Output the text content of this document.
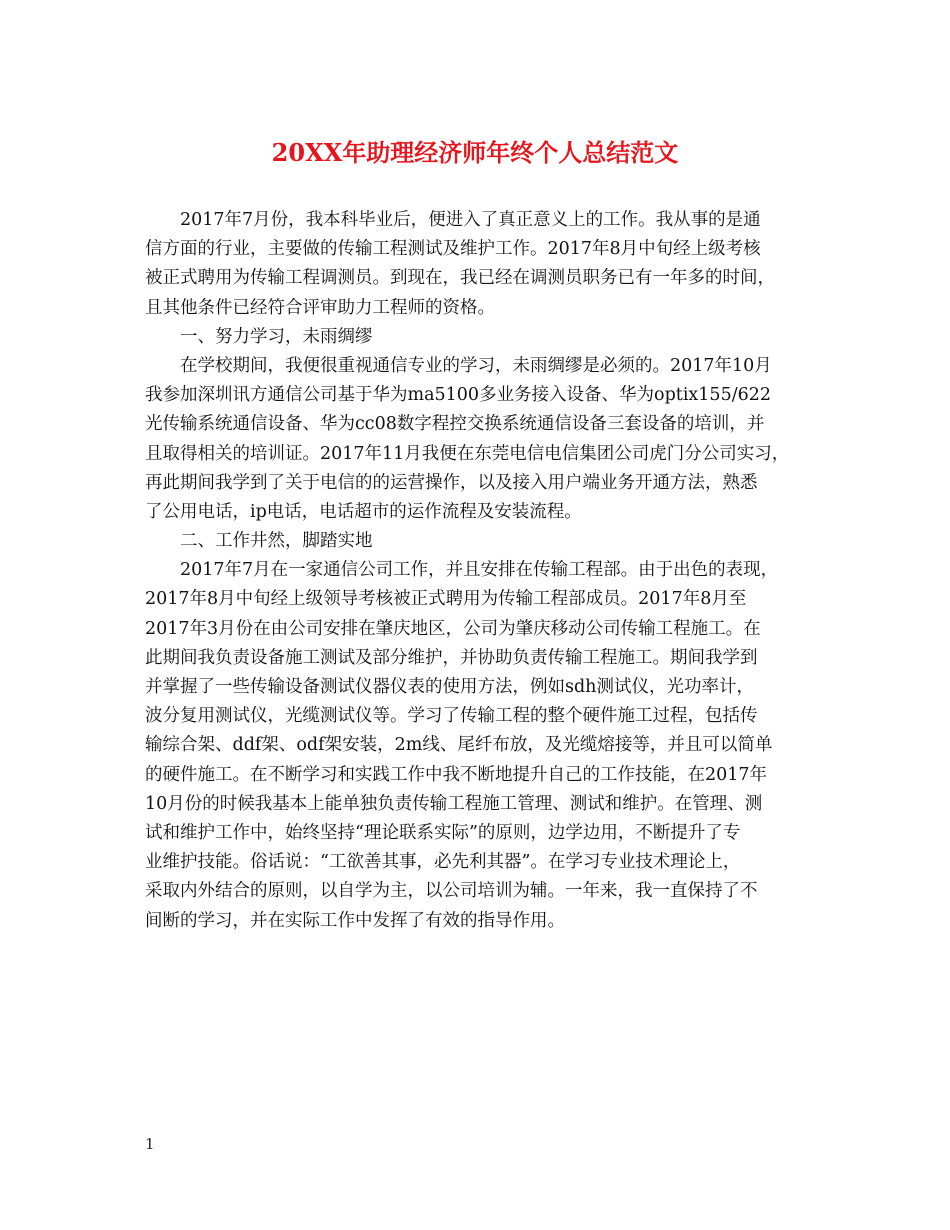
20XX年助理经济师年终个人总结范文
2017年7月份，我本科毕业后，便进入了真正意义上的工作。我从事的是通
信方面的行业，主要做的传输工程测试及维护工作。2017年8月中旬经上级考核
被正式聘用为传输工程调测员。到现在，我已经在调测员职务已有一年多的时间，
且其他条件已经符合评审助力工程师的资格。
一、努力学习，未雨绸缪
在学校期间，我便很重视通信专业的学习，未雨绸缪是必须的。2017年10月
我参加深圳讯方通信公司基于华为ma5100多业务接入设备、华为optix155/622
光传输系统通信设备、华为cc08数字程控交换系统通信设备三套设备的培训，并
且取得相关的培训证。2017年11月我便在东莞电信电信集团公司虎门分公司实习，
再此期间我学到了关于电信的的运营操作，以及接入用户端业务开通方法，熟悉
了公用电话，ip电话，电话超市的运作流程及安装流程。
二、工作井然，脚踏实地
2017年7月在一家通信公司工作，并且安排在传输工程部。由于出色的表现，
2017年8月中旬经上级领导考核被正式聘用为传输工程部成员。2017年8月至
2017年3月份在由公司安排在肇庆地区，公司为肇庆移动公司传输工程施工。在
此期间我负责设备施工测试及部分维护，并协助负责传输工程施工。期间我学到
并掌握了一些传输设备测试仪器仪表的使用方法，例如sdh测试仪，光功率计，
波分复用测试仪，光缆测试仪等。学习了传输工程的整个硬件施工过程，包括传
输综合架、ddf架、odf架安装，2m线、尾纤布放，及光缆熔接等，并且可以简单
的硬件施工。在不断学习和实践工作中我不断地提升自己的工作技能，在2017年
10月份的时候我基本上能单独负责传输工程施工管理、测试和维护。在管理、测
试和维护工作中，始终坚持“理论联系实际”的原则，边学边用，不断提升了专
业维护技能。俗话说：“工欲善其事，必先利其器”。在学习专业技术理论上，
采取内外结合的原则，以自学为主，以公司培训为辅。一年来，我一直保持了不
间断的学习，并在实际工作中发挥了有效的指导作用。
1
